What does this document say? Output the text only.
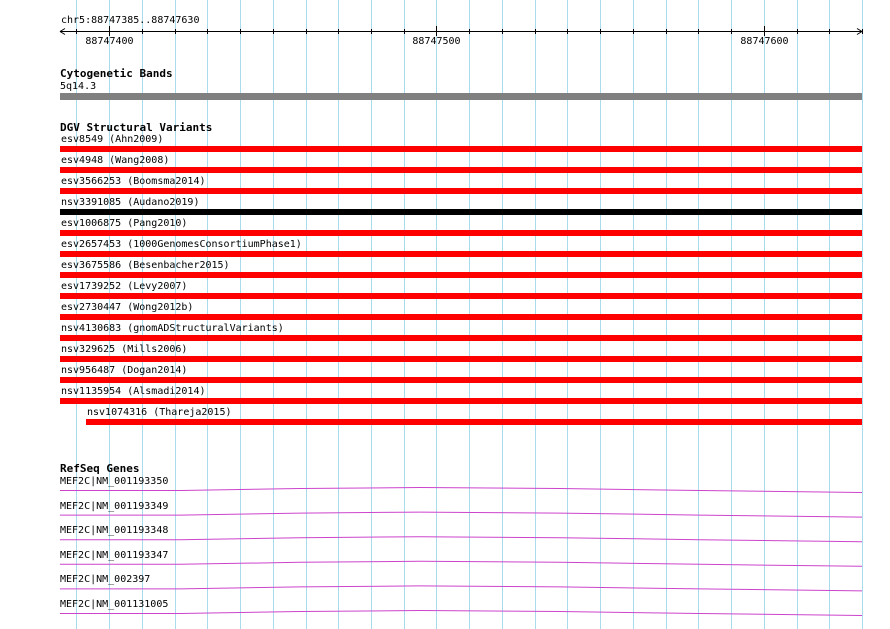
chr5:88747385..88747630
88747400	88747500	88747600
Cytogenetic Bands
5q14.3
DGV Structural Variants
esv8549 (Ahn2009)
esv4948 (Wang2008)
esv3566253 (Boomsma2014)
nsv3391085 (Audano2019)
esv1006875 (Pang2010)
esv2657453 (1000GenomesConsortiumPhase1)
esv3675586 (Besenbacher2015)
esv1739252 (Levy2007)
esv2730447 (Wong2012b)
nsv4130683 (gnomADStructuralVariants)
nsv329625 (Mills2006)
nsv956487 (Dogan2014)
nsv1135954 (Alsmadi2014)
nsv1074316 (Thareja2015)
RefSeq Genes
MEF2C|NM_001193350
MEF2C|NM_001193349
MEF2C|NM_001193348
MEF2C|NM_001193347
MEF2C|NM_002397
MEF2C|NM_001131005
